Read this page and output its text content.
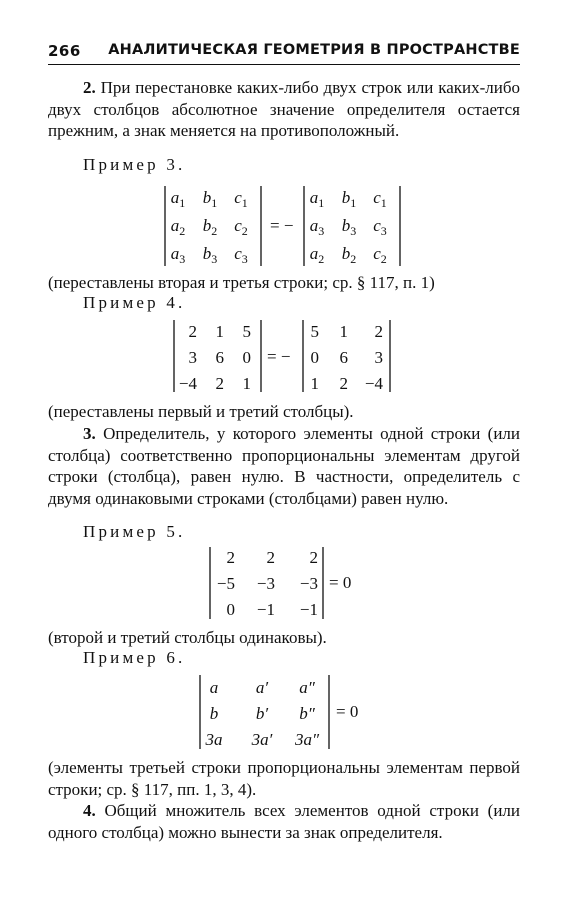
266 АНАЛИТИЧЕСКАЯ ГЕОМЕТРИЯ В ПРОСТРАНСТВЕ

2. При перестановке каких-либо двух строк или каких-либо двух столбцов абсолютное значение определителя остается прежним, а знак меняется на противоположный.

Пример 3.
$a_1$ $b_1$ $c_1$
$a_2$ $b_2$ $c_2$
$a_3$ $b_3$ $c_3$
= −
$a_1$ $b_1$ $c_1$
$a_3$ $b_3$ $c_3$
$a_2$ $b_2$ $c_2$

(переставлены вторая и третья строки; ср. § 117, п. 1)

Пример 4.
2 1 5
3 6 0
−4 2 1
= −
5 1 2
0 6 3
1 2 −4

(переставлены первый и третий столбцы).

3. Определитель, у которого элементы одной строки (или столбца) соответственно пропорциональны элементам другой строки (столбца), равен нулю. В частности, определитель с двумя одинаковыми строками (столбцами) равен нулю.

Пример 5.
2 2 2
−5 −3 −3
0 −1 −1
= 0

(второй и третий столбцы одинаковы).

Пример 6.
a a′ a″
b b′ b″
3a 3a′ 3a″
= 0

(элементы третьей строки пропорциональны элементам первой строки; ср. § 117, пп. 1, 3, 4).

4. Общий множитель всех элементов одной строки (или одного столбца) можно вынести за знак определителя.
